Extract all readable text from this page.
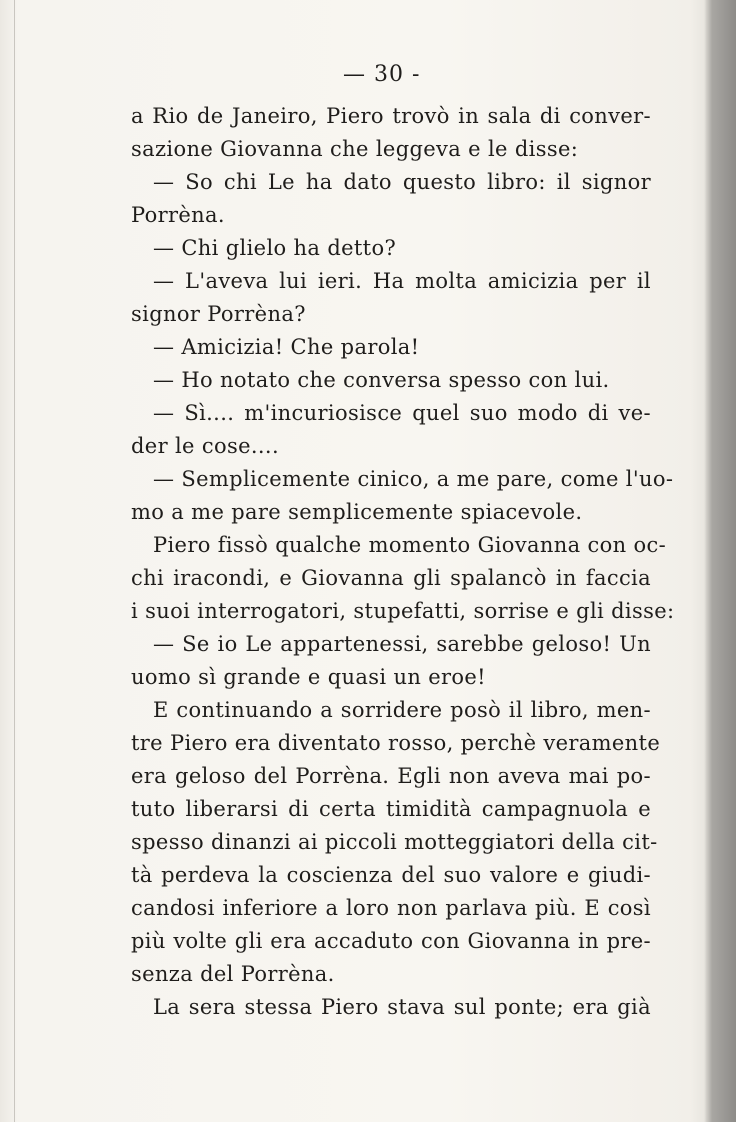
— 30 -
a Rio de Janeiro, Piero trovò in sala di conver-
sazione Giovanna che leggeva e le disse:
— So chi Le ha dato questo libro: il signor
Porrèna.
— Chi glielo ha detto?
— L'aveva lui ieri. Ha molta amicizia per il
signor Porrèna?
— Amicizia! Che parola!
— Ho notato che conversa spesso con lui.
— Sì.... m'incuriosisce quel suo modo di ve-
der le cose....
— Semplicemente cinico, a me pare, come l'uo-
mo a me pare semplicemente spiacevole.
Piero fissò qualche momento Giovanna con oc-
chi iracondi, e Giovanna gli spalancò in faccia
i suoi interrogatori, stupefatti, sorrise e gli disse:
— Se io Le appartenessi, sarebbe geloso! Un
uomo sì grande e quasi un eroe!
E continuando a sorridere posò il libro, men-
tre Piero era diventato rosso, perchè veramente
era geloso del Porrèna. Egli non aveva mai po-
tuto liberarsi di certa timidità campagnuola e
spesso dinanzi ai piccoli motteggiatori della cit-
tà perdeva la coscienza del suo valore e giudi-
candosi inferiore a loro non parlava più. E così
più volte gli era accaduto con Giovanna in pre-
senza del Porrèna.
La sera stessa Piero stava sul ponte; era già
